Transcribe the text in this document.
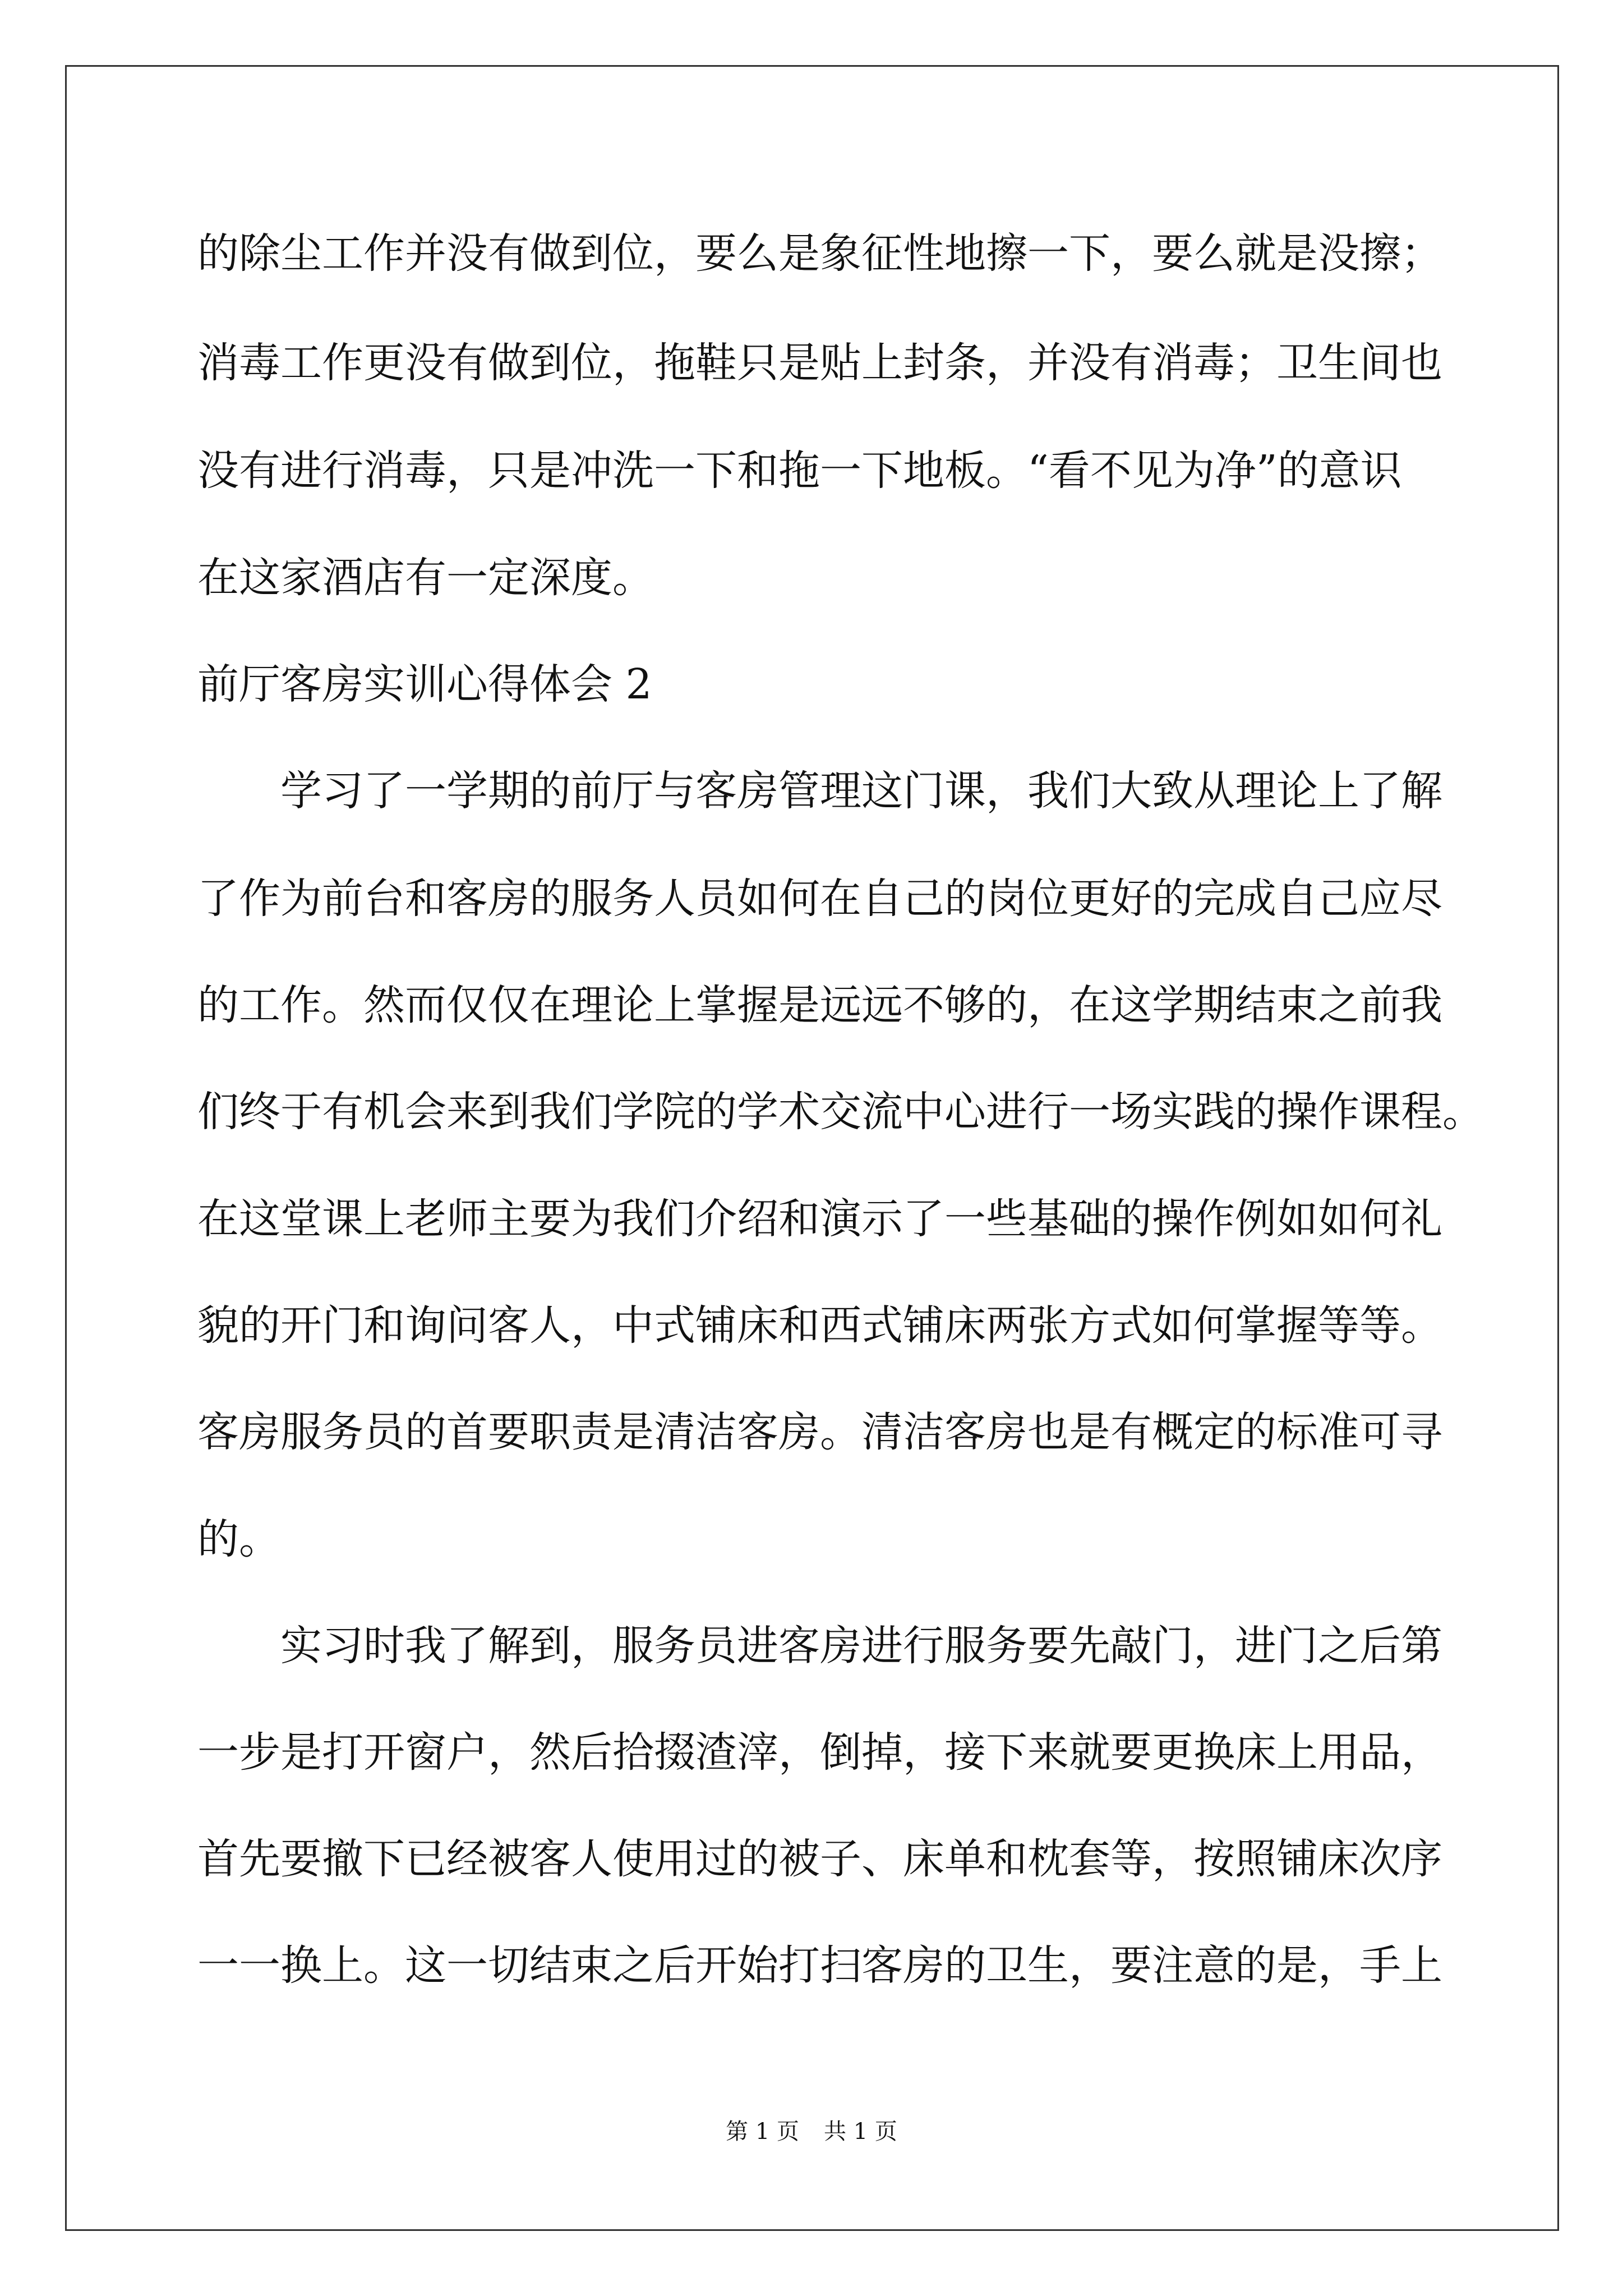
的除尘工作并没有做到位，要么是象征性地擦一下，要么就是没擦；
消毒工作更没有做到位，拖鞋只是贴上封条，并没有消毒；卫生间也
没有进行消毒，只是冲洗一下和拖一下地板。“看不见为净”的意识
在这家酒店有一定深度。
前厅客房实训心得体会 2
学习了一学期的前厅与客房管理这门课，我们大致从理论上了解
了作为前台和客房的服务人员如何在自己的岗位更好的完成自己应尽
的工作。然而仅仅在理论上掌握是远远不够的，在这学期结束之前我
们终于有机会来到我们学院的学术交流中心进行一场实践的操作课程。
在这堂课上老师主要为我们介绍和演示了一些基础的操作例如如何礼
貌的开门和询问客人，中式铺床和西式铺床两张方式如何掌握等等。
客房服务员的首要职责是清洁客房。清洁客房也是有概定的标准可寻
的。
实习时我了解到，服务员进客房进行服务要先敲门，进门之后第
一步是打开窗户，然后拾掇渣滓，倒掉，接下来就要更换床上用品，
首先要撤下已经被客人使用过的被子、床单和枕套等，按照铺床次序
一一换上。这一切结束之后开始打扫客房的卫生，要注意的是，手上
第 1 页 共 1 页
